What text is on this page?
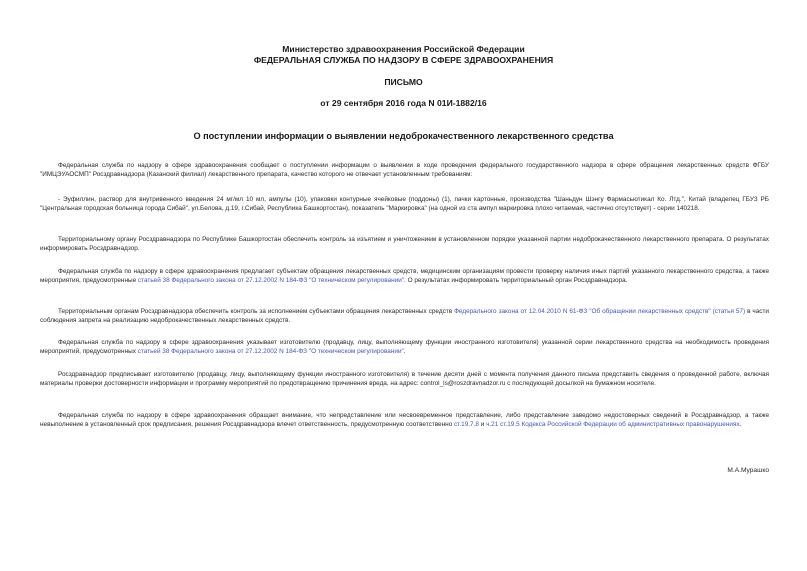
Министерство здравоохранения Российской Федерации
ФЕДЕРАЛЬНАЯ СЛУЖБА ПО НАДЗОРУ В СФЕРЕ ЗДРАВООХРАНЕНИЯ
ПИСЬМО
от 29 сентября 2016 года N 01И-1882/16
О поступлении информации о выявлении недоброкачественного лекарственного средства
Федеральная служба по надзору в сфере здравоохранения сообщает о поступлении информации о выявлении в ходе проведения федерального государственного надзора в сфере обращения лекарственных средств ФГБУ "ИМЦЭУАОСМП" Росздравнадзора (Казанский филиал) лекарственного препарата, качество которого не отвечает установленным требованиям:
- Эуфиллин, раствор для внутривенного введения 24 мг/мл 10 мл, ампулы (10), упаковки контурные ячейковые (поддоны) (1), пачки картонные, производства "Шаньдун Шэнгу Фармасьютикал Ко. Лтд.", Китай (владелец ГБУЗ РБ "Центральная городская больница города Сибай", ул.Белова, д.19, г.Сибай, Республика Башкортостан), показатель "Маркировка" (на одной из ста ампул маркировка плохо читаемая, частично отсутствует) - серии 140218.
Территориальному органу Росздравнадзора по Республике Башкортостан обеспечить контроль за изъятием и уничтожением в установленном порядке указанной партии недоброкачественного лекарственного препарата. О результатах информировать Росздравнадзор.
Федеральная служба по надзору в сфере здравоохранения предлагает субъектам обращения лекарственных средств, медицинским организациям провести проверку наличия иных партий указанного лекарственного средства, а также мероприятия, предусмотренные статьей 38 Федерального закона от 27.12.2002 N 184-ФЗ "О техническом регулировании". О результатах информировать территориальный орган Росздравнадзора.
Территориальным органам Росздравнадзора обеспечить контроль за исполнением субъектами обращения лекарственных средств Федерального закона от 12.04.2010 N 61-ФЗ "Об обращении лекарственных средств" (статья 57) в части соблюдения запрета на реализацию недоброкачественных лекарственных средств.
Федеральная служба по надзору в сфере здравоохранения указывает изготовителю (продавцу, лицу, выполняющему функции иностранного изготовителя) указанной серии лекарственного средства на необходимость проведения мероприятий, предусмотренных статьей 38 Федерального закона от 27.12.2002 N 184-ФЗ "О техническом регулировании".
Росздравнадзор предписывает изготовителю (продавцу, лицу, выполняющему функции иностранного изготовителя) в течение десяти дней с момента получения данного письма представить сведения о проведенной работе, включая материалы проверки достоверности информации и программу мероприятий по предотвращению причинения вреда, на адрес: control_ls@roszdravnadzor.ru с последующей досылкой на бумажном носителе.
Федеральная служба по надзору в сфере здравоохранения обращает внимание, что непредставление или несвоевременное представление, либо представление заведомо недостоверных сведений в Росздравнадзор, а также невыполнение в установленный срок предписания, решения Росздравнадзора влечет ответственность, предусмотренную соответственно ст.19.7.8 и ч.21 ст.19.5 Кодекса Российской Федерации об административных правонарушениях.
М.А.Мурашко
